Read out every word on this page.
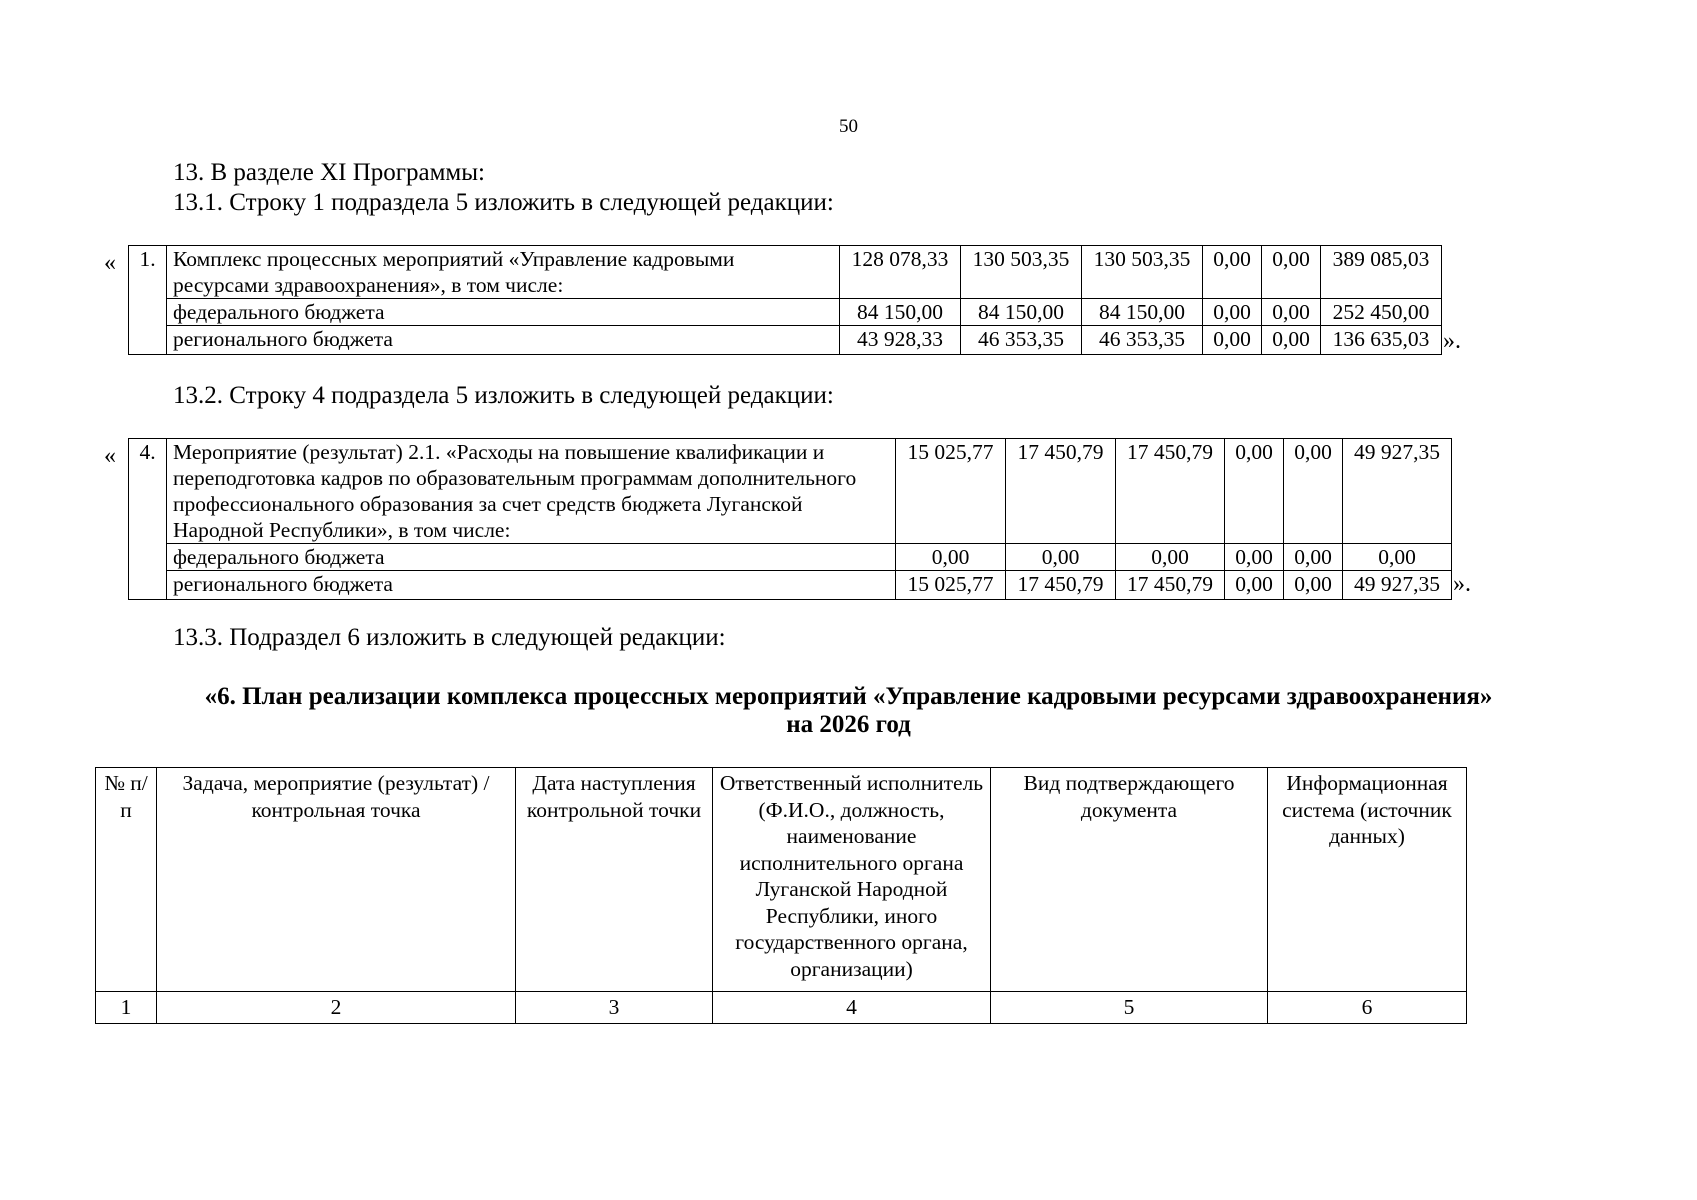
50
13. В разделе XI Программы:
13.1. Строку 1 подраздела 5 изложить в следующей редакции:
« 1.	Комплекс процессных мероприятий «Управление кадровыми ресурсами здравоохранения», в том числе:	128 078,33	130 503,35	130 503,35	0,00	0,00	389 085,03
	федерального бюджета	84 150,00	84 150,00	84 150,00	0,00	0,00	252 450,00
	регионального бюджета	43 928,33	46 353,35	46 353,35	0,00	0,00	136 635,03 ».
13.2. Строку 4 подраздела 5 изложить в следующей редакции:
« 4.	Мероприятие (результат) 2.1. «Расходы на повышение квалификации и переподготовка кадров по образовательным программам дополнительного профессионального образования за счет средств бюджета Луганской Народной Республики», в том числе:	15 025,77	17 450,79	17 450,79	0,00	0,00	49 927,35
	федерального бюджета	0,00	0,00	0,00	0,00	0,00	0,00
	регионального бюджета	15 025,77	17 450,79	17 450,79	0,00	0,00	49 927,35 ».
13.3. Подраздел 6 изложить в следующей редакции:
«6. План реализации комплекса процессных мероприятий «Управление кадровыми ресурсами здравоохранения»
на 2026 год
№ п/п	Задача, мероприятие (результат) / контрольная точка	Дата наступления контрольной точки	Ответственный исполнитель (Ф.И.О., должность, наименование исполнительного органа Луганской Народной Республики, иного государственного органа, организации)	Вид подтверждающего документа	Информационная система (источник данных)
1	2	3	4	5	6
